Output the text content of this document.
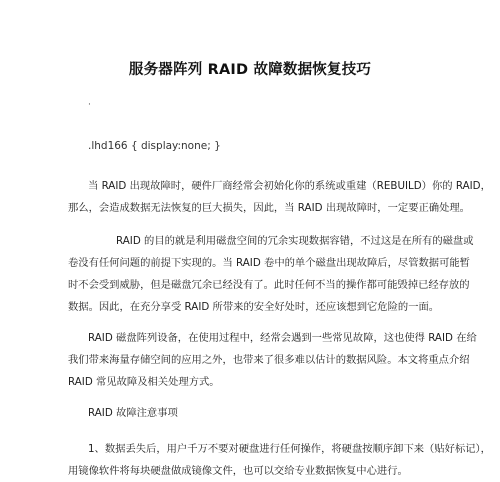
服务器阵列 RAID 故障数据恢复技巧
·
.lhd166 { display:none; }
当 RAID 出现故障时，硬件厂商经常会初始化你的系统或重建（REBUILD）你的 RAID，
那么，会造成数据无法恢复的巨大损失，因此，当 RAID 出现故障时，一定要正确处理。
RAID 的目的就是利用磁盘空间的冗余实现数据容错，不过这是在所有的磁盘或
卷没有任何问题的前提下实现的。当 RAID 卷中的单个磁盘出现故障后，尽管数据可能暂
时不会受到威胁，但是磁盘冗余已经没有了。此时任何不当的操作都可能毁掉已经存放的
数据。因此，在充分享受 RAID 所带来的安全好处时，还应该想到它危险的一面。
RAID 磁盘阵列设备，在使用过程中，经常会遇到一些常见故障，这也使得 RAID 在给
我们带来海量存储空间的应用之外，也带来了很多难以估计的数据风险。本文将重点介绍
RAID 常见故障及相关处理方式。
RAID 故障注意事项
1、数据丢失后，用户千万不要对硬盘进行任何操作，将硬盘按顺序卸下来（贴好标记），
用镜像软件将每块硬盘做成镜像文件，也可以交给专业数据恢复中心进行。
